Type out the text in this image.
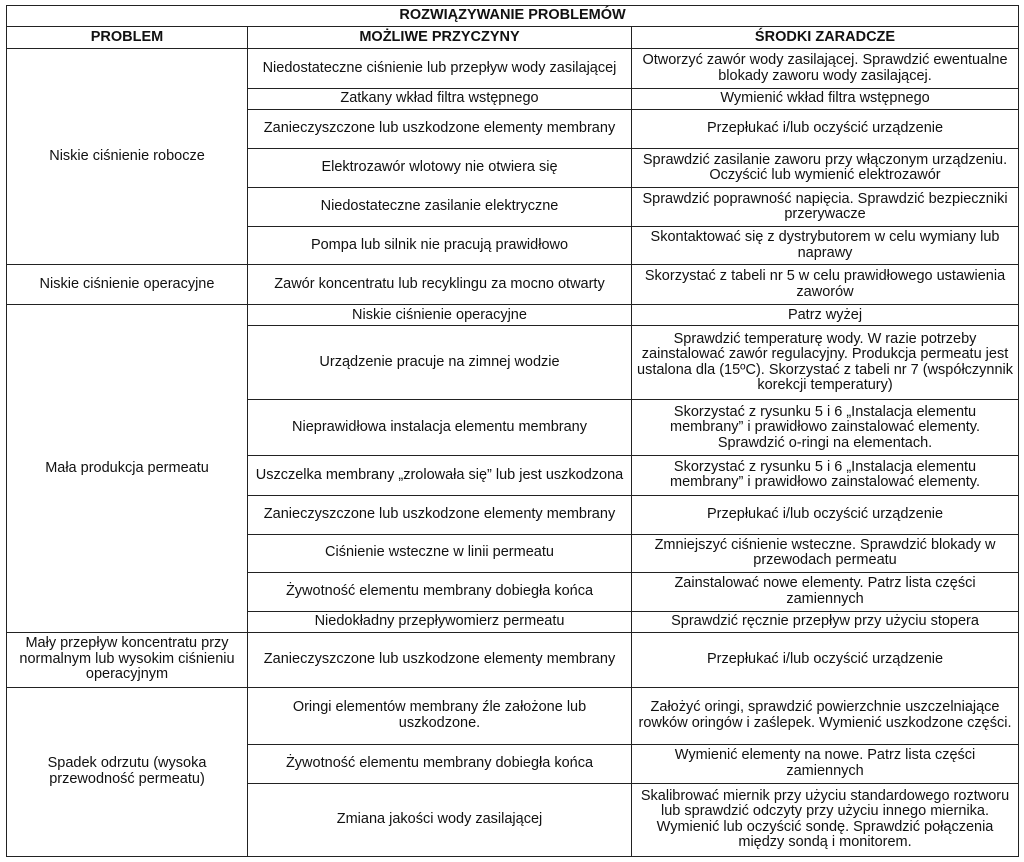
ROZWIĄZYWANIE PROBLEMÓW		
PROBLEM	MOŻLIWE PRZYCZYNY	ŚRODKI ZARADCZE
Niskie ciśnienie robocze	Niedostateczne ciśnienie lub przepływ wody zasilającej	Otworzyć zawór wody zasilającej. Sprawdzić ewentualne blokady zaworu wody zasilającej.
	Zatkany wkład filtra wstępnego	Wymienić wkład filtra wstępnego
	Zanieczyszczone lub uszkodzone elementy membrany	Przepłukać i/lub oczyścić urządzenie
	Elektrozawór wlotowy nie otwiera się	Sprawdzić zasilanie zaworu przy włączonym urządzeniu. Oczyścić lub wymienić elektrozawór
	Niedostateczne zasilanie elektryczne	Sprawdzić poprawność napięcia. Sprawdzić bezpieczniki przerywacze
	Pompa lub silnik nie pracują prawidłowo	Skontaktować się z dystrybutorem w celu wymiany lub naprawy
Niskie ciśnienie operacyjne	Zawór koncentratu lub recyklingu za mocno otwarty	Skorzystać z tabeli nr 5 w celu prawidłowego ustawienia zaworów
Mała produkcja permeatu	Niskie ciśnienie operacyjne	Patrz wyżej
	Urządzenie pracuje na zimnej wodzie	Sprawdzić temperaturę wody. W razie potrzeby zainstalować zawór regulacyjny. Produkcja permeatu jest ustalona dla (15ºC). Skorzystać z tabeli nr 7 (współczynnik korekcji temperatury)
	Nieprawidłowa instalacja elementu membrany	Skorzystać z rysunku 5 i 6 „Instalacja elementu membrany” i prawidłowo zainstalować elementy. Sprawdzić o-ringi na elementach.
	Uszczelka membrany „zrolowała się” lub jest uszkodzona	Skorzystać z rysunku 5 i 6 „Instalacja elementu membrany” i prawidłowo zainstalować elementy.
	Zanieczyszczone lub uszkodzone elementy membrany	Przepłukać i/lub oczyścić urządzenie
	Ciśnienie wsteczne w linii permeatu	Zmniejszyć ciśnienie wsteczne. Sprawdzić blokady w przewodach permeatu
	Żywotność elementu membrany dobiegła końca	Zainstalować nowe elementy. Patrz lista części zamiennych
	Niedokładny przepływomierz permeatu	Sprawdzić ręcznie przepływ przy użyciu stopera
Mały przepływ koncentratu przy normalnym lub wysokim ciśnieniu operacyjnym	Zanieczyszczone lub uszkodzone elementy membrany	Przepłukać i/lub oczyścić urządzenie
Spadek odrzutu (wysoka przewodność permeatu)	Oringi elementów membrany źle założone lub uszkodzone.	Założyć oringi, sprawdzić powierzchnie uszczelniające rowków oringów i zaślepek. Wymienić uszkodzone części.
	Żywotność elementu membrany dobiegła końca	Wymienić elementy na nowe. Patrz lista części zamiennych
	Zmiana jakości wody zasilającej	Skalibrować miernik przy użyciu standardowego roztworu lub sprawdzić odczyty przy użyciu innego miernika. Wymienić lub oczyścić sondę. Sprawdzić połączenia między sondą i monitorem.
